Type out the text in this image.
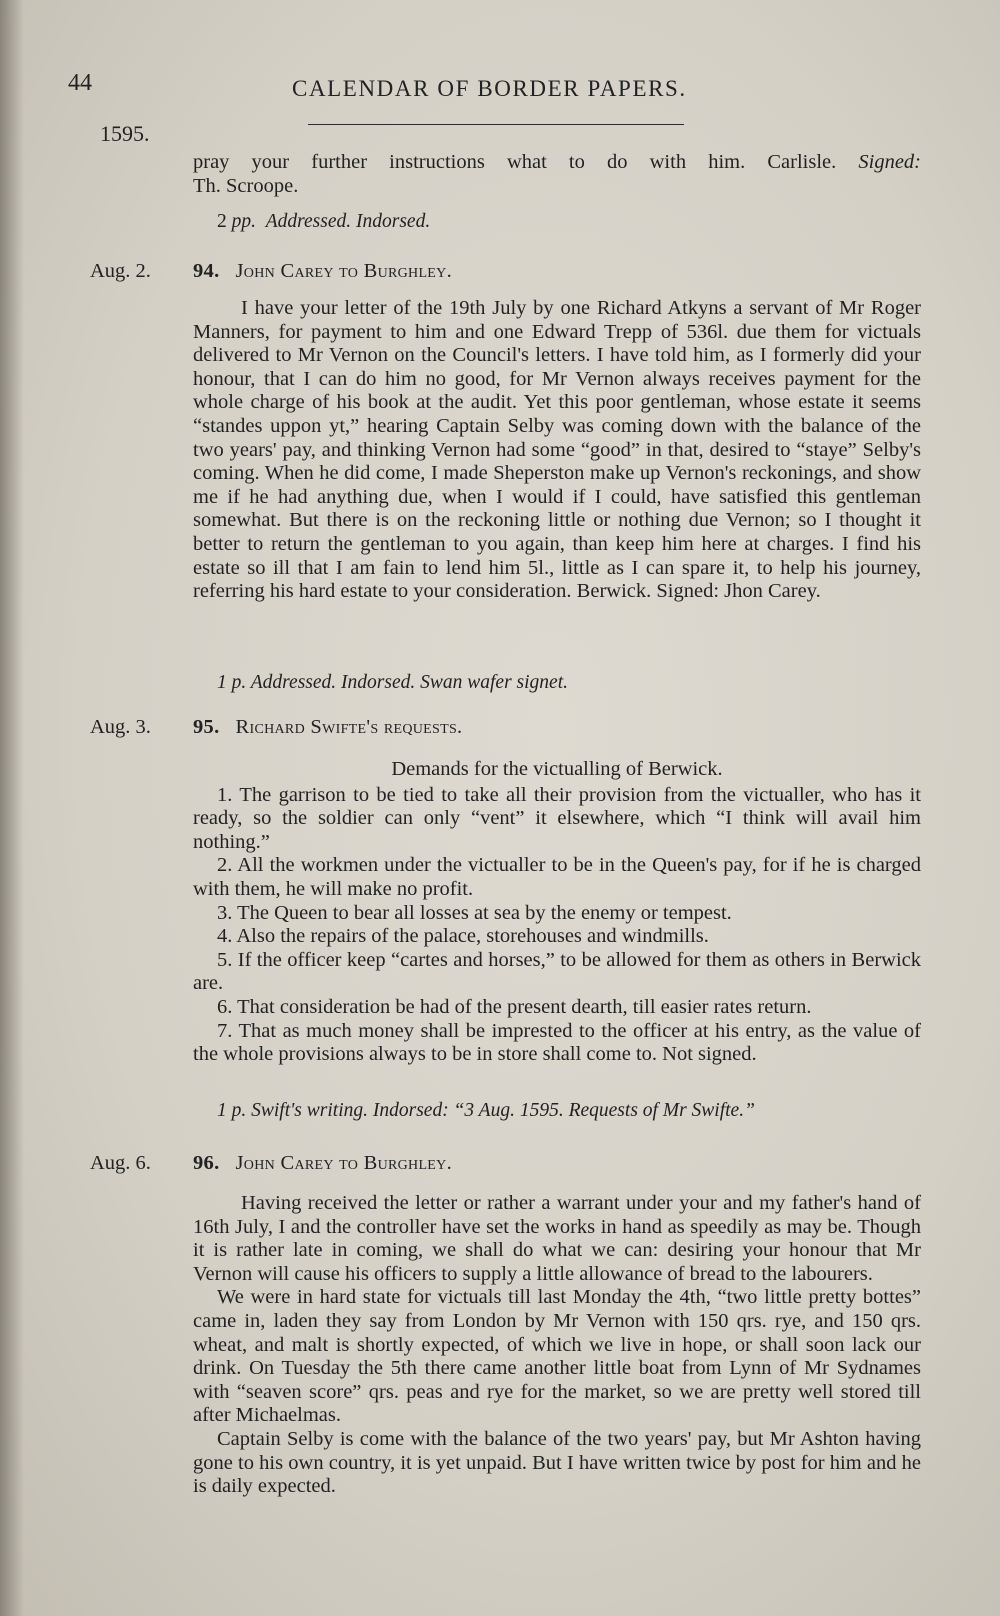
44	CALENDAR OF BORDER PAPERS.
1595.

pray your further instructions what to do with him. Carlisle. Signed:

Th. Scroope.

2 pp. Addressed. Indorsed.
Aug. 2. 94. John Carey to Burghley.

I have your letter of the 19th July by one Richard Atkyns a servant of Mr Roger Manners, for payment to him and one Edward Trepp of 536l. due them for victuals delivered to Mr Vernon on the Council's letters. I have told him, as I formerly did your honour, that I can do him no good, for Mr Vernon always receives payment for the whole charge of his book at the audit. Yet this poor gentleman, whose estate it seems “standes uppon yt,” hearing Captain Selby was coming down with the balance of the two years' pay, and thinking Vernon had some “good” in that, desired to “staye” Selby's coming. When he did come, I made Sheperston make up Vernon's reckonings, and show me if he had anything due, when I would if I could, have satisfied this gentleman somewhat. But there is on the reckoning little or nothing due Vernon; so I thought it better to return the gentleman to you again, than keep him here at charges. I find his estate so ill that I am fain to lend him 5l., little as I can spare it, to help his journey, referring his hard estate to your consideration. Berwick. Signed: Jhon Carey.

1 p. Addressed. Indorsed. Swan wafer signet.
Aug. 3. 95. Richard Swifte's requests.

Demands for the victualling of Berwick.

1. The garrison to be tied to take all their provision from the victualler, who has it ready, so the soldier can only “vent” it elsewhere, which “I think will avail him nothing.”

2. All the workmen under the victualler to be in the Queen's pay, for if he is charged with them, he will make no profit.

3. The Queen to bear all losses at sea by the enemy or tempest.

4. Also the repairs of the palace, storehouses and windmills.

5. If the officer keep “cartes and horses,” to be allowed for them as others in Berwick are.

6. That consideration be had of the present dearth, till easier rates return.

7. That as much money shall be imprested to the officer at his entry, as the value of the whole provisions always to be in store shall come to. Not signed.

1 p. Swift's writing. Indorsed: “3 Aug. 1595. Requests of Mr Swifte.”
Aug. 6. 96. John Carey to Burghley.

Having received the letter or rather a warrant under your and my father's hand of 16th July, I and the controller have set the works in hand as speedily as may be. Though it is rather late in coming, we shall do what we can: desiring your honour that Mr Vernon will cause his officers to supply a little allowance of bread to the labourers.

We were in hard state for victuals till last Monday the 4th, “two little pretty bottes” came in, laden they say from London by Mr Vernon with 150 qrs. rye, and 150 qrs. wheat, and malt is shortly expected, of which we live in hope, or shall soon lack our drink. On Tuesday the 5th there came another little boat from Lynn of Mr Sydnames with “seaven score” qrs. peas and rye for the market, so we are pretty well stored till after Michaelmas.

Captain Selby is come with the balance of the two years' pay, but Mr Ashton having gone to his own country, it is yet unpaid. But I have written twice by post for him and he is daily expected.
